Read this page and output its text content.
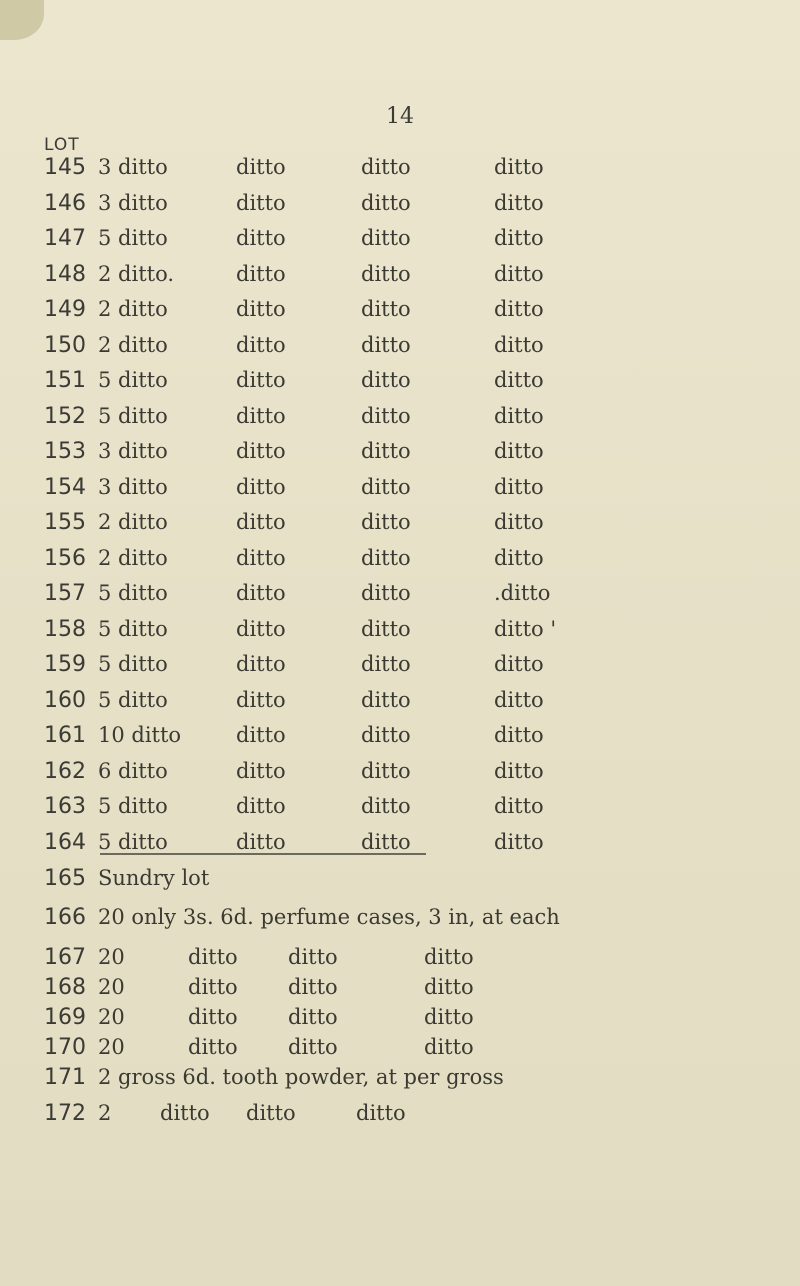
14
LOT
145 3 ditto	ditto	ditto	ditto
146 3 ditto	ditto	ditto	ditto
147 5 ditto	ditto	ditto	ditto
148 2 ditto.	ditto	ditto	ditto
149 2 ditto	ditto	ditto	ditto
150 2 ditto	ditto	ditto	ditto
151 5 ditto	ditto	ditto	ditto
152 5 ditto	ditto	ditto	ditto
153 3 ditto	ditto	ditto	ditto
154 3 ditto	ditto	ditto	ditto
155 2 ditto	ditto	ditto	ditto
156 2 ditto	ditto	ditto	ditto
157 5 ditto	ditto	ditto	.ditto
158 5 ditto	ditto	ditto	ditto '
159 5 ditto	ditto	ditto	ditto
160 5 ditto	ditto	ditto	ditto
161 10 ditto	ditto	ditto	ditto
162 6 ditto	ditto	ditto	ditto
163 5 ditto	ditto	ditto	ditto
164 5 ditto	ditto	ditto	ditto
165 Sundry lot
166 20 only 3s. 6d. perfume cases, 3 in, at each
167 20	ditto ditto	ditto
168 20	ditto ditto	ditto
169 20	ditto ditto	ditto
170 20	ditto ditto	ditto
171 2 gross 6d. tooth powder, at per gross
172 2 ditto ditto	ditto
